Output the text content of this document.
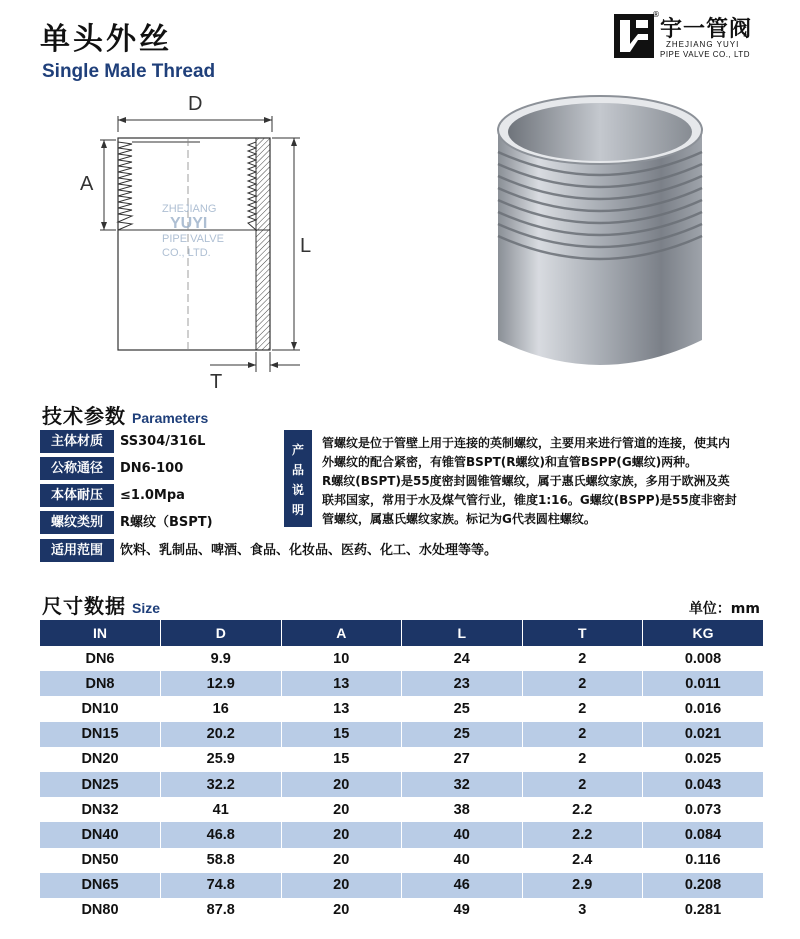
单头外丝
Single Male Thread
®
宇一管阀
ZHEJIANG YUYI
PIPE VALVE CO., LTD
D
A
ZHEJIANG
YUYI
PIPE VALVE
CO., LTD.	L
T
技术参数 Parameters
主体材质	SS304/316L
公称通径	DN6-100
本体耐压	≤1.0Mpa
螺纹类别	R螺纹（BSPT)
适用范围	饮料、乳制品、啤酒、食品、化妆品、医药、化工、水处理等等。
产
品
说
明
管螺纹是位于管壁上用于连接的英制螺纹，主要用来进行管道的连接，使其内
外螺纹的配合紧密，有锥管BSPT(R螺纹)和直管BSPP(G螺纹)两种。
R螺纹(BSPT)是55度密封圆锥管螺纹，属于惠氏螺纹家族，多用于欧洲及英
联邦国家，常用于水及煤气管行业，锥度1:16。G螺纹(BSPP)是55度非密封
管螺纹，属惠氏螺纹家族。标记为G代表圆柱螺纹。
尺寸数据 Size	单位：mm
IN	D	A	L	T	KG
DN6	9.9	10	24	2	0.008
DN8	12.9	13	23	2	0.011
DN10	16	13	25	2	0.016
DN15	20.2	15	25	2	0.021
DN20	25.9	15	27	2	0.025
DN25	32.2	20	32	2	0.043
DN32	41	20	38	2.2	0.073
DN40	46.8	20	40	2.2	0.084
DN50	58.8	20	40	2.4	0.116
DN65	74.8	20	46	2.9	0.208
DN80	87.8	20	49	3	0.281
